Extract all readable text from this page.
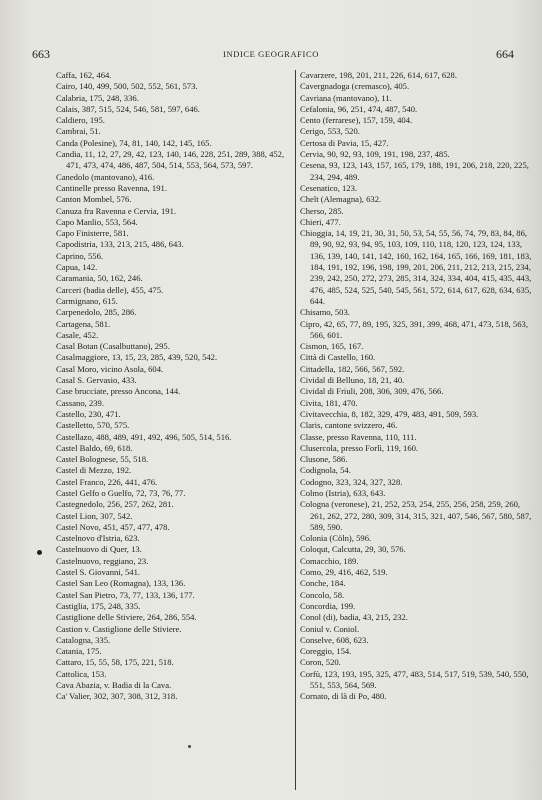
663	INDICE GEOGRAFICO	664
Caffa, 162, 464.
Cairo, 140, 499, 500, 502, 552, 561, 573.
Calabria, 175, 248, 336.
Calais, 387, 515, 524, 546, 581, 597, 646.
Caldiero, 195.
Cambrai, 51.
Canda (Polesine), 74, 81, 140, 142, 145, 165.
Candia, 11, 12, 27, 29, 42, 123, 140, 146, 228, 251, 289, 388, 452, 471, 473, 474, 486, 487, 504, 514, 553, 564, 573, 597.
Canedolo (mantovano), 416.
Cantinelle presso Ravenna, 191.
Canton Mombel, 576.
Canuza fra Ravenna e Cervia, 191.
Capo Manlio, 553, 564.
Capo Finisterre, 581.
Capodistria, 133, 213, 215, 486, 643.
Caprino, 556.
Capua, 142.
Caramania, 50, 162, 246.
Carceri (badia delle), 455, 475.
Carmignano, 615.
Carpenedolo, 285, 286.
Cartagena, 581.
Casale, 452.
Casal Botan (Casalbuttano), 295.
Casalmaggiore, 13, 15, 23, 285, 439, 520, 542.
Casal Moro, vicino Asola, 604.
Casal S. Gervasio, 433.
Case brucciate, presso Ancona, 144.
Cassano, 239.
Castello, 230, 471.
Castelletto, 570, 575.
Castellazo, 488, 489, 491, 492, 496, 505, 514, 516.
Castel Baldo, 69, 618.
Castel Bolognese, 55, 518.
Castel di Mezzo, 192.
Castel Franco, 226, 441, 476.
Castel Gelfo o Guelfo, 72, 73, 76, 77.
Castegnedolo, 256, 257, 262, 281.
Castel Lion, 307, 542.
Castel Novo, 451, 457, 477, 478.
Castelnovo d'Istria, 623.
Castelnuovo di Quer, 13.
Castelnuovo, reggiano, 23.
Castel S. Giovanni, 541.
Castel San Leo (Romagna), 133, 136.
Castel San Pietro, 73, 77, 133, 136, 177.
Castiglia, 175, 248, 335.
Castiglione delle Stiviere, 264, 286, 554.
Castion v. Castiglione delle Stiviere.
Catalogna, 335.
Catania, 175.
Cattaro, 15, 55, 58, 175, 221, 518.
Cattolica, 153.
Cava Abazia, v. Badia di la Cava.
Ca' Valier, 302, 307, 308, 312, 318.
Cavarzere, 198, 201, 211, 226, 614, 617, 628.
Cavergnadoga (cremasco), 405.
Cavriana (mantovano), 11.
Cefalonia, 96, 251, 474, 487, 540.
Cento (ferrarese), 157, 159, 404.
Cerigo, 553, 520.
Certosa di Pavia, 15, 427.
Cervia, 90, 92, 93, 109, 191, 198, 237, 485.
Cesena, 93, 123, 143, 157, 165, 179, 188, 191, 206, 218, 220, 225, 234, 294, 489.
Cesenatico, 123.
Chelt (Alemagna), 632.
Cherso, 285.
Chieri, 477.
Chioggia, 14, 19, 21, 30, 31, 50, 53, 54, 55, 56, 74, 79, 83, 84, 86, 89, 90, 92, 93, 94, 95, 103, 109, 110, 118, 120, 123, 124, 133, 136, 139, 140, 141, 142, 160, 162, 164, 165, 166, 169, 181, 183, 184, 191, 192, 196, 198, 199, 201, 206, 211, 212, 213, 215, 234, 239, 242, 250, 272, 273, 285, 314, 324, 334, 404, 415, 435, 443, 476, 485, 524, 525, 540, 545, 561, 572, 614, 617, 628, 634, 635, 644.
Chisamo, 503.
Cipro, 42, 65, 77, 89, 195, 325, 391, 399, 468, 471, 473, 518, 563, 566, 601.
Cismon, 165, 167.
Città di Castello, 160.
Cittadella, 182, 566, 567, 592.
Cividal di Belluno, 18, 21, 40.
Cividal di Friuli, 208, 306, 309, 476, 566.
Civita, 181, 470.
Civitavecchia, 8, 182, 329, 479, 483, 491, 509, 593.
Claris, cantone svizzero, 46.
Classe, presso Ravenna, 110, 111.
Clusercola, presso Forlì, 119, 160.
Clusone, 586.
Codignola, 54.
Codogno, 323, 324, 327, 328.
Colmo (Istria), 633, 643.
Cologna (veronese), 21, 252, 253, 254, 255, 256, 258, 259, 260, 261, 262, 272, 280, 309, 314, 315, 321, 407, 546, 567, 580, 587, 589, 590.
Colonia (Cöln), 596.
Coloqut, Calcutta, 29, 30, 576.
Comacchio, 189.
Como, 29, 416, 462, 519.
Conche, 184.
Concolo, 58.
Concordia, 199.
Conol (di), badia, 43, 215, 232.
Coniul v. Coniol.
Conselve, 608, 623.
Coreggio, 154.
Coron, 520.
Corfù, 123, 193, 195, 325, 477, 483, 514, 517, 519, 539, 540, 550, 551, 553, 564, 569.
Cornato, di là di Po, 480.
